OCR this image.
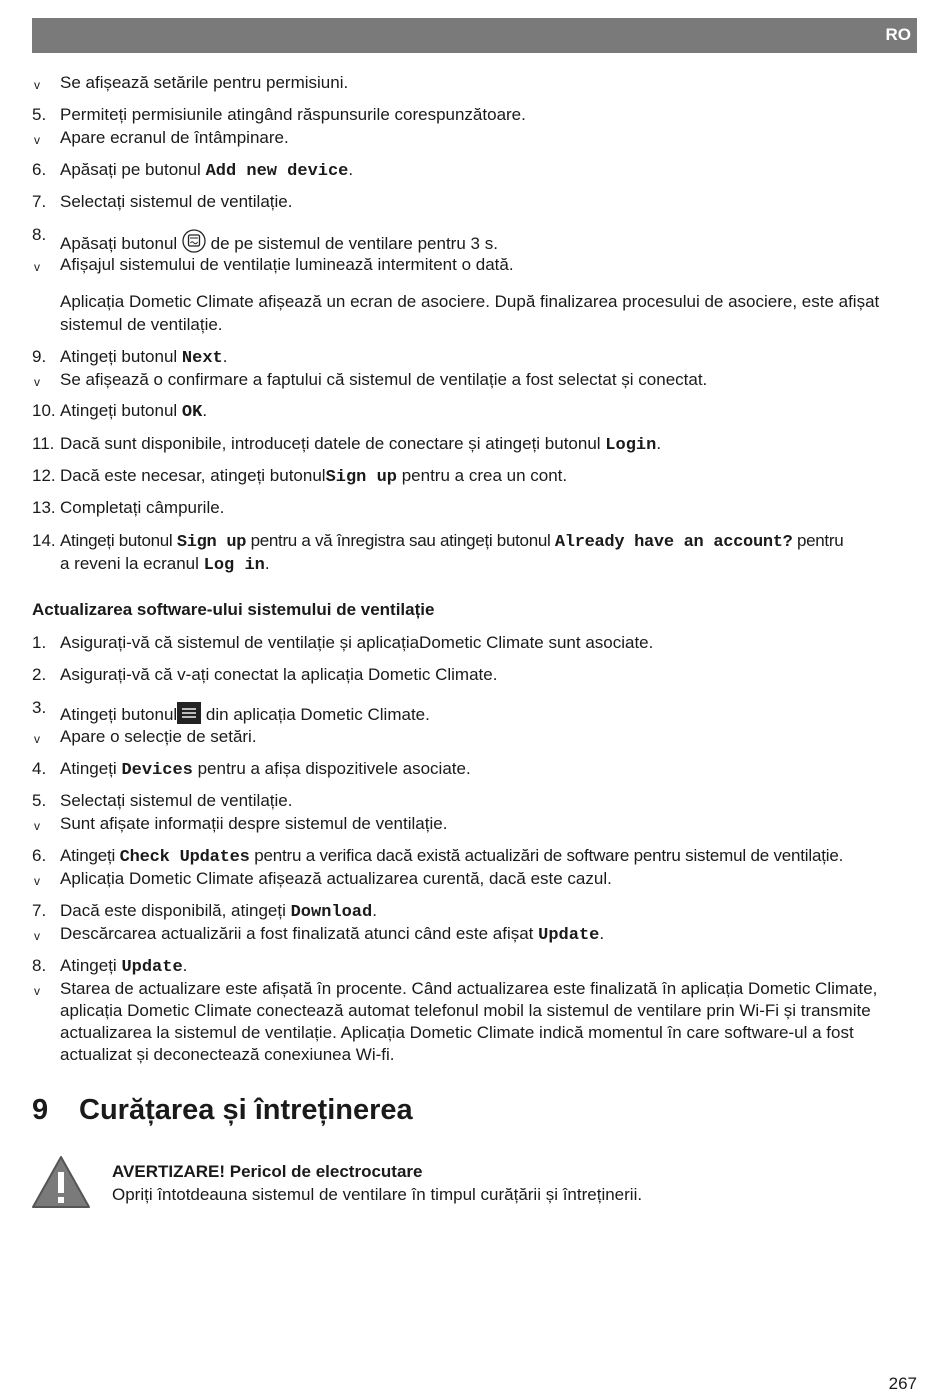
RO
v Se afișează setările pentru permisiuni.
5. Permiteți permisiunile atingând răspunsurile corespunzătoare.
v Apare ecranul de întâmpinare.
6. Apăsați pe butonul Add new device.
7. Selectați sistemul de ventilație.
8. Apăsați butonul  de pe sistemul de ventilare pentru 3 s.
v Afișajul sistemului de ventilație luminează intermitent o dată.
Aplicația Dometic Climate afișează un ecran de asociere. După finalizarea procesului de asociere, este afișat
sistemul de ventilație.
9. Atingeți butonul Next.
v Se afișează o confirmare a faptului că sistemul de ventilație a fost selectat și conectat.
10. Atingeți butonul OK.
11. Dacă sunt disponibile, introduceți datele de conectare și atingeți butonul Login.
12. Dacă este necesar, atingeți butonulSign up pentru a crea un cont.
13. Completați câmpurile.
14. Atingeți butonul Sign up pentru a vă înregistra sau atingeți butonul Already have an account? pentru
a reveni la ecranul Log in.
Actualizarea software-ului sistemului de ventilație
1. Asigurați-vă că sistemul de ventilație și aplicațiaDometic Climate sunt asociate.
2. Asigurați-vă că v-ați conectat la aplicația Dometic Climate.
3. Atingeți butonul din aplicația Dometic Climate.
v Apare o selecție de setări.
4. Atingeți Devices pentru a afișa dispozitivele asociate.
5. Selectați sistemul de ventilație.
v Sunt afișate informații despre sistemul de ventilație.
6. Atingeți Check Updates pentru a verifica dacă există actualizări de software pentru sistemul de ventilație.
v Aplicația Dometic Climate afișează actualizarea curentă, dacă este cazul.
7. Dacă este disponibilă, atingeți Download.
v Descărcarea actualizării a fost finalizată atunci când este afișat Update.
8. Atingeți Update.
v Starea de actualizare este afișată în procente. Când actualizarea este finalizată în aplicația Dometic Climate,
aplicația Dometic Climate conectează automat telefonul mobil la sistemul de ventilare prin Wi-Fi și transmite
actualizarea la sistemul de ventilație. Aplicația Dometic Climate indică momentul în care software-ul a fost
actualizat și deconectează conexiunea Wi-fi.
9 Curățarea și întreținerea
AVERTIZARE! Pericol de electrocutare
Opriți întotdeauna sistemul de ventilare în timpul curățării și întreținerii.
267
